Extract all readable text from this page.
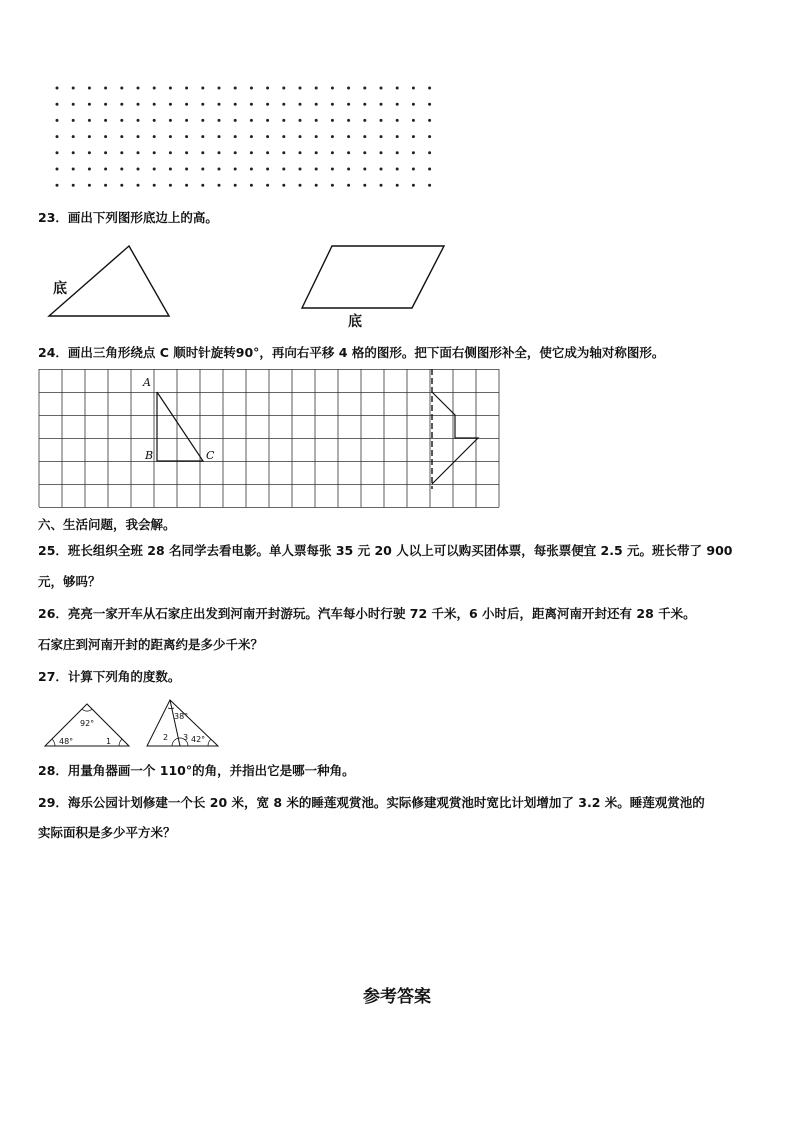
23．画出下列图形底边上的高。
底
底
24．画出三角形绕点 C 顺时针旋转90°，再向右平移 4 格的图形。把下面右侧图形补全，使它成为轴对称图形。
A
B	C
六、生活问题，我会解。
25．班长组织全班 28 名同学去看电影。单人票每张 35 元 20 人以上可以购买团体票，每张票便宜 2.5 元。班长带了 900
元，够吗？
26．亮亮一家开车从石家庄出发到河南开封游玩。汽车每小时行驶 72 千米，6 小时后，距离河南开封还有 28 千米。
石家庄到河南开封的距离约是多少千米？
27．计算下列角的度数。
92°
48°	1
38°
2 3 42°
28．用量角器画一个 110°的角，并指出它是哪一种角。
29．海乐公园计划修建一个长 20 米，宽 8 米的睡莲观赏池。实际修建观赏池时宽比计划增加了 3.2 米。睡莲观赏池的
实际面积是多少平方米？
参考答案
